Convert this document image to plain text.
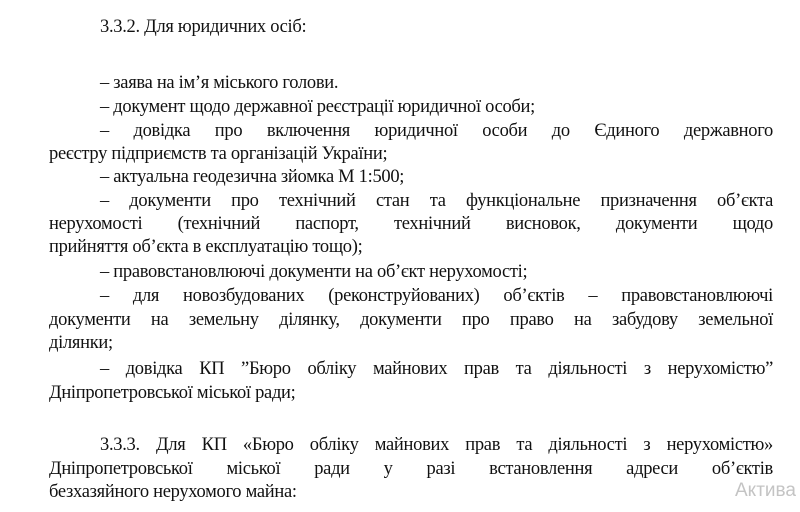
3.3.2. Для юридичних осіб:
– заява на ім’я міського голови.
– документ щодо державної реєстрації юридичної особи;
– довідка про включення юридичної особи до Єдиного державного
реєстру підприємств та організацій України;
– актуальна геодезична зйомка М 1:500;
– документи про технічний стан та функціональне призначення об’єкта
нерухомості (технічний паспорт, технічний висновок, документи щодо
прийняття об’єкта в експлуатацію тощо);
– правовстановлюючі документи на об’єкт нерухомості;
– для новозбудованих (реконструйованих) об’єктів – правовстановлюючі
документи на земельну ділянку, документи про право на забудову земельної
ділянки;
– довідка КП ”Бюро обліку майнових прав та діяльності з нерухомістю”
Дніпропетровської міської ради;
3.3.3. Для КП «Бюро обліку майнових прав та діяльності з нерухомістю»
Дніпропетровської міської ради у разі встановлення адреси об’єктів
безхазяйного нерухомого майна:	Актива
